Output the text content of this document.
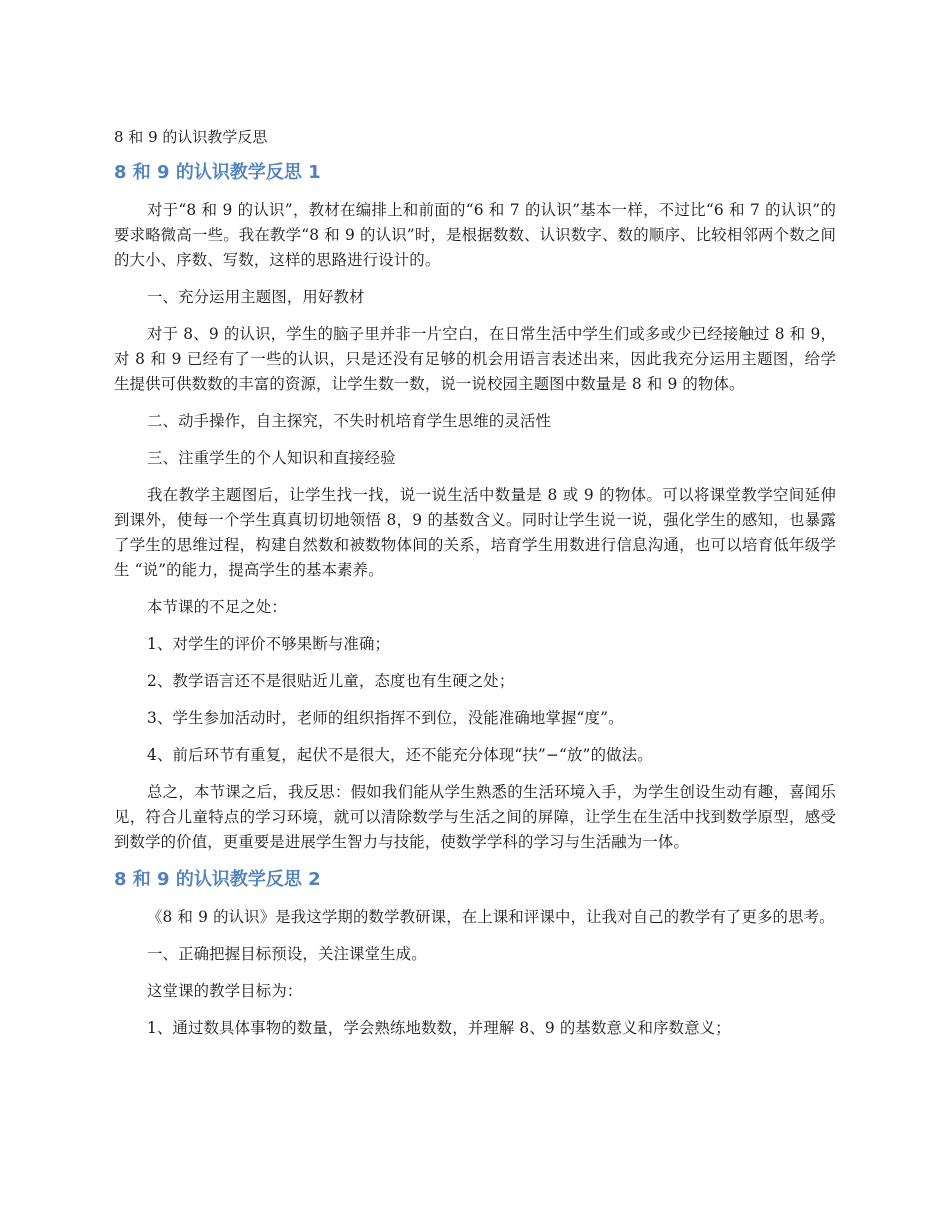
8 和 9 的认识教学反思
8 和 9 的认识教学反思 1

对于“8 和 9 的认识”，教材在编排上和前面的“6 和 7 的认识”基本一样，不过比“6 和 7 的认识”的要求略微高一些。我在教学“8 和 9 的认识”时，是根据数数、认识数字、数的顺序、比较相邻两个数之间的大小、序数、写数，这样的思路进行设计的。

一、充分运用主题图，用好教材

对于 8、9 的认识，学生的脑子里并非一片空白，在日常生活中学生们或多或少已经接触过 8 和 9，对 8 和 9 已经有了一些的认识，只是还没有足够的机会用语言表述出来，因此我充分运用主题图，给学生提供可供数数的丰富的资源，让学生数一数，说一说校园主题图中数量是 8 和 9 的物体。

二、动手操作，自主探究，不失时机培育学生思维的灵活性

三、注重学生的个人知识和直接经验

我在教学主题图后，让学生找一找，说一说生活中数量是 8 或 9 的物体。可以将课堂教学空间延伸到课外，使每一个学生真真切切地领悟 8，9 的基数含义。同时让学生说一说，强化学生的感知，也暴露了学生的思维过程，构建自然数和被数物体间的关系，培育学生用数进行信息沟通，也可以培育低年级学生 “说”的能力，提高学生的基本素养。

本节课的不足之处：

1、对学生的评价不够果断与准确；

2、教学语言还不是很贴近儿童，态度也有生硬之处；

3、学生参加活动时，老师的组织指挥不到位，没能准确地掌握“度”。

4、前后环节有重复，起伏不是很大，还不能充分体现“扶”−“放”的做法。

总之，本节课之后，我反思：假如我们能从学生熟悉的生活环境入手，为学生创设生动有趣，喜闻乐见，符合儿童特点的学习环境，就可以清除数学与生活之间的屏障，让学生在生活中找到数学原型，感受到数学的价值，更重要是进展学生智力与技能，使数学学科的学习与生活融为一体。

8 和 9 的认识教学反思 2

《8 和 9 的认识》是我这学期的数学教研课，在上课和评课中，让我对自己的教学有了更多的思考。

一、正确把握目标预设，关注课堂生成。

这堂课的教学目标为：

1、通过数具体事物的数量，学会熟练地数数，并理解 8、9 的基数意义和序数意义；
